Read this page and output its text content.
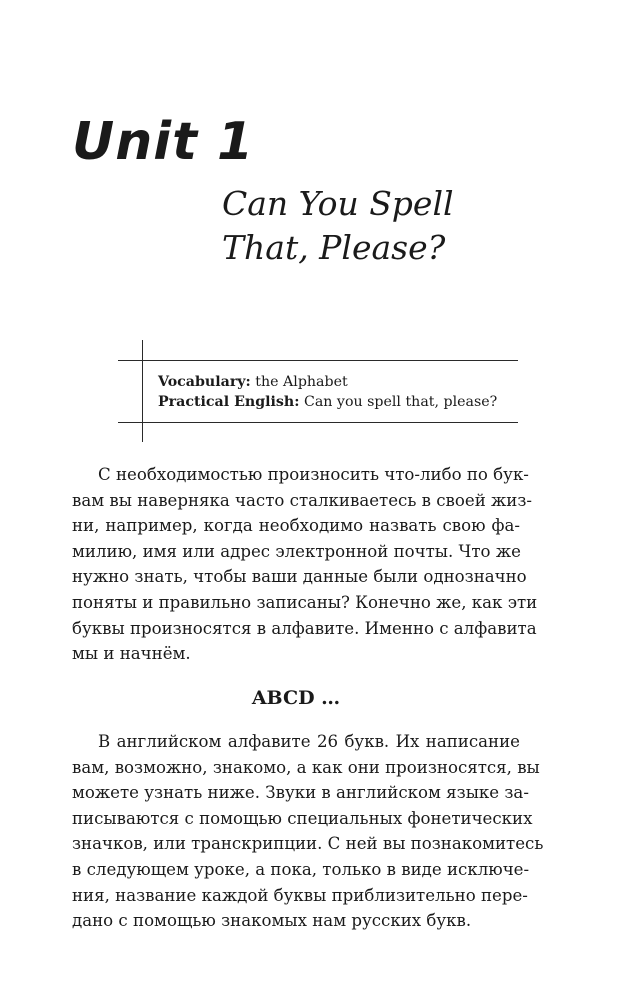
Unit 1
Can You Spell
That, Please?
Vocabulary: the Alphabet
Practical English: Can you spell that, please?
С необходимостью произносить что-либо по бук-
вам вы наверняка часто сталкиваетесь в своей жиз-
ни, например, когда необходимо назвать свою фа-
милию, имя или адрес электронной почты. Что же
нужно знать, чтобы ваши данные были однозначно
поняты и правильно записаны? Конечно же, как эти
буквы произносятся в алфавите. Именно с алфавита
мы и начнём.
ABCD …
В английском алфавите 26 букв. Их написание
вам, возможно, знакомо, а как они произносятся, вы
можете узнать ниже. Звуки в английском языке за-
писываются с помощью специальных фонетических
значков, или транскрипции. С ней вы познакомитесь
в следующем уроке, а пока, только в виде исключе-
ния, название каждой буквы приблизительно пере-
дано с помощью знакомых нам русских букв.
